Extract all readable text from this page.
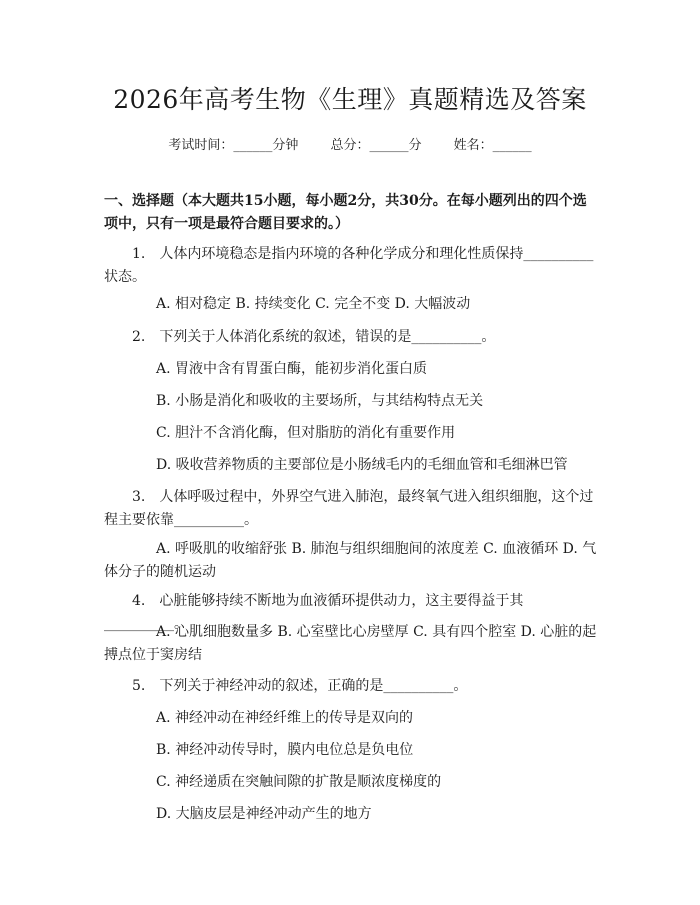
2026年高考生物《生理》真题精选及答案
考试时间：______分钟 总分：______分 姓名：______
一、选择题（本大题共15小题，每小题2分，共30分。在每小题列出的四个选项中，只有一项是最符合题目要求的。）
1.　人体内环境稳态是指内环境的各种化学成分和理化性质保持__________状态。
A. 相对稳定 B. 持续变化 C. 完全不变 D. 大幅波动
2.　下列关于人体消化系统的叙述，错误的是__________。
A. 胃液中含有胃蛋白酶，能初步消化蛋白质
B. 小肠是消化和吸收的主要场所，与其结构特点无关
C. 胆汁不含消化酶，但对脂肪的消化有重要作用
D. 吸收营养物质的主要部位是小肠绒毛内的毛细血管和毛细淋巴管
3.　人体呼吸过程中，外界空气进入肺泡，最终氧气进入组织细胞，这个过程主要依靠__________。
A. 呼吸肌的收缩舒张 B. 肺泡与组织细胞间的浓度差 C. 血液循环 D. 气体分子的随机运动
4.　心脏能够持续不断地为血液循环提供动力，这主要得益于其__________。
A. 心肌细胞数量多 B. 心室壁比心房壁厚 C. 具有四个腔室 D. 心脏的起搏点位于窦房结
5.　下列关于神经冲动的叙述，正确的是__________。
A. 神经冲动在神经纤维上的传导是双向的
B. 神经冲动传导时，膜内电位总是负电位
C. 神经递质在突触间隙的扩散是顺浓度梯度的
D. 大脑皮层是神经冲动产生的地方
